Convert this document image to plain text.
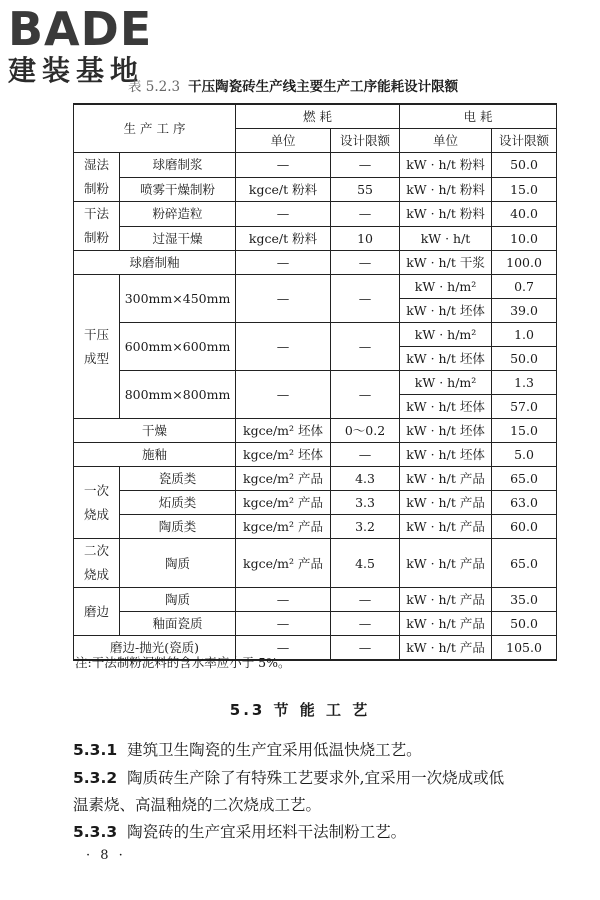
BADE
建装基地
表 5.2.3 干压陶瓷砖生产线主要生产工序能耗设计限额
生 产 工 序		燃 耗		电 耗	
		单位	设计限额	单位	设计限额
湿法制粉	球磨制浆	—	—	kW · h/t 粉料	50.0
	喷雾干燥制粉	kgce/t 粉料	55	kW · h/t 粉料	15.0
干法制粉	粉碎造粒	—	—	kW · h/t 粉料	40.0
	过湿干燥	kgce/t 粉料	10	kW · h/t	10.0
球磨制釉		—	—	kW · h/t 干浆	100.0
干压成型	300mm×450mm	—	—	kW · h/m²	0.7
				kW · h/t 坯体	39.0
	600mm×600mm	—	—	kW · h/m²	1.0
				kW · h/t 坯体	50.0
	800mm×800mm	—	—	kW · h/m²	1.3
				kW · h/t 坯体	57.0
干燥		kgce/m² 坯体	0～0.2	kW · h/t 坯体	15.0
施釉		kgce/m² 坯体	—	kW · h/t 坯体	5.0
一次烧成	瓷质类	kgce/m² 产品	4.3	kW · h/t 产品	65.0
	炻质类	kgce/m² 产品	3.3	kW · h/t 产品	63.0
	陶质类	kgce/m² 产品	3.2	kW · h/t 产品	60.0
二次烧成	陶质	kgce/m² 产品	4.5	kW · h/t 产品	65.0
磨边	陶质	—	—	kW · h/t 产品	35.0
	釉面瓷质	—	—	kW · h/t 产品	50.0
磨边-抛光(瓷质)		—	—	kW · h/t 产品	105.0
注:干法制粉泥料的含水率应小于 5%。
5.3 节 能 工 艺
5.3.1 建筑卫生陶瓷的生产宜采用低温快烧工艺。
5.3.2 陶质砖生产除了有特殊工艺要求外,宜采用一次烧成或低
温素烧、高温釉烧的二次烧成工艺。
5.3.3 陶瓷砖的生产宜采用坯料干法制粉工艺。
· 8 ·
